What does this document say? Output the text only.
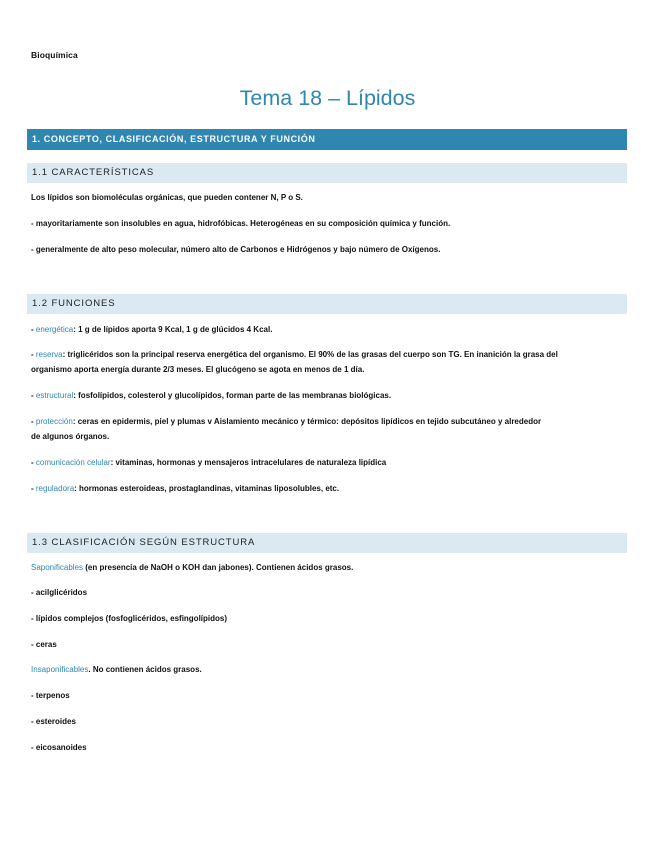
Bioquímica
Tema 18 – Lípidos
1. CONCEPTO, CLASIFICACIÓN, ESTRUCTURA Y FUNCIÓN
1.1 CARACTERÍSTICAS
Los lípidos son biomoléculas orgánicas, que pueden contener N, P o S.
- mayoritariamente son insolubles en agua, hidrofóbicas. Heterogéneas en su composición química y función.
- generalmente de alto peso molecular, número alto de Carbonos e Hidrógenos y bajo número de Oxígenos.
1.2 FUNCIONES
- energética: 1 g de lípidos aporta 9 Kcal, 1 g de glúcidos 4 Kcal.
- reserva: triglicéridos son la principal reserva energética del organismo. El 90% de las grasas del cuerpo son TG. En inanición la grasa del
organismo aporta energía durante 2/3 meses. El glucógeno se agota en menos de 1 día.
- estructural: fosfolípidos, colesterol y glucolípidos, forman parte de las membranas biológicas.
- protección: ceras en epidermis, piel y plumas v Aislamiento mecánico y térmico: depósitos lipídicos en tejido subcutáneo y alrededor
de algunos órganos.
- comunicación celular: vitaminas, hormonas y mensajeros intracelulares de naturaleza lipídica
- reguladora: hormonas esteroideas, prostaglandinas, vitaminas liposolubles, etc.
1.3 CLASIFICACIÓN SEGÚN ESTRUCTURA
Saponificables (en presencia de NaOH o KOH dan jabones). Contienen ácidos grasos.
- acilglicéridos
- lípidos complejos (fosfoglicéridos, esfingolípidos)
- ceras
Insaponificables. No contienen ácidos grasos.
- terpenos
- esteroides
- eicosanoides
